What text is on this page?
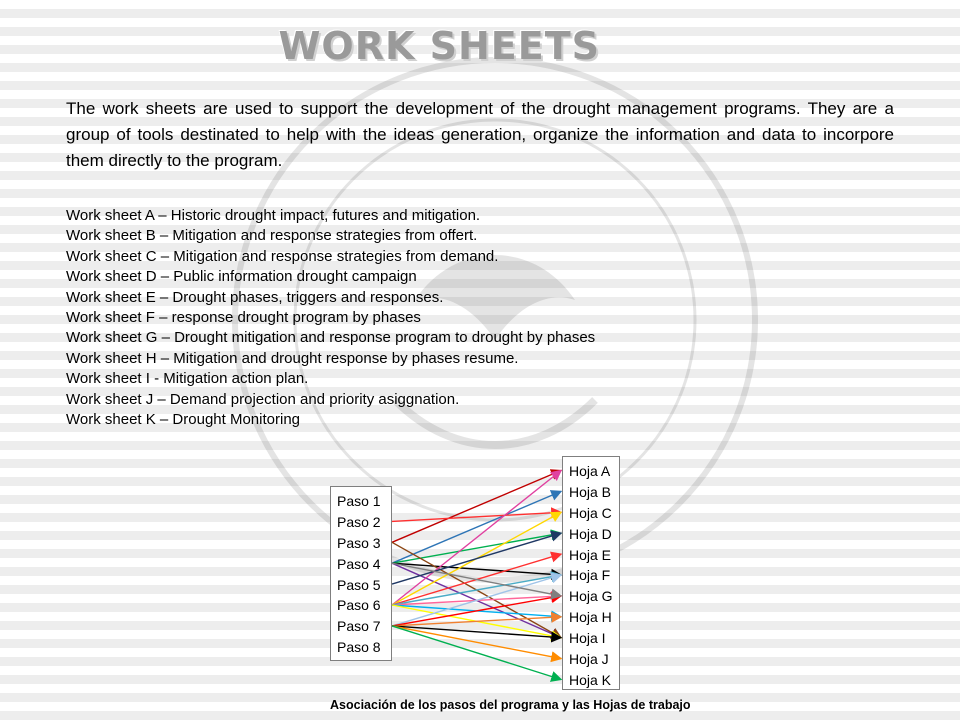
WORK SHEETS

The work sheets are used to support the development of the drought management programs. They are a group of tools destinated to help with the ideas generation, organize the information and data to incorpore them directly to the program.

Work sheet A – Historic drought impact, futures and mitigation.
Work sheet B – Mitigation and response strategies from offert.
Work sheet C – Mitigation and response strategies from demand.
Work sheet D – Public information drought campaign
Work sheet E – Drought phases, triggers and responses.
Work sheet F – response drought program by phases
Work sheet G – Drought mitigation and response program to drought by phases
Work sheet H – Mitigation and drought response by phases resume.
Work sheet I - Mitigation action plan.
Work sheet J – Demand projection and priority asiggnation.
Work sheet K – Drought Monitoring
Paso 1
Paso 2
Paso 3
Paso 4
Paso 5
Paso 6
Paso 7
Paso 8
Hoja A
Hoja B
Hoja C
Hoja D
Hoja E
Hoja F
Hoja G
Hoja H
Hoja I
Hoja J
Hoja K
Asociación de los pasos del programa y las Hojas de trabajo
